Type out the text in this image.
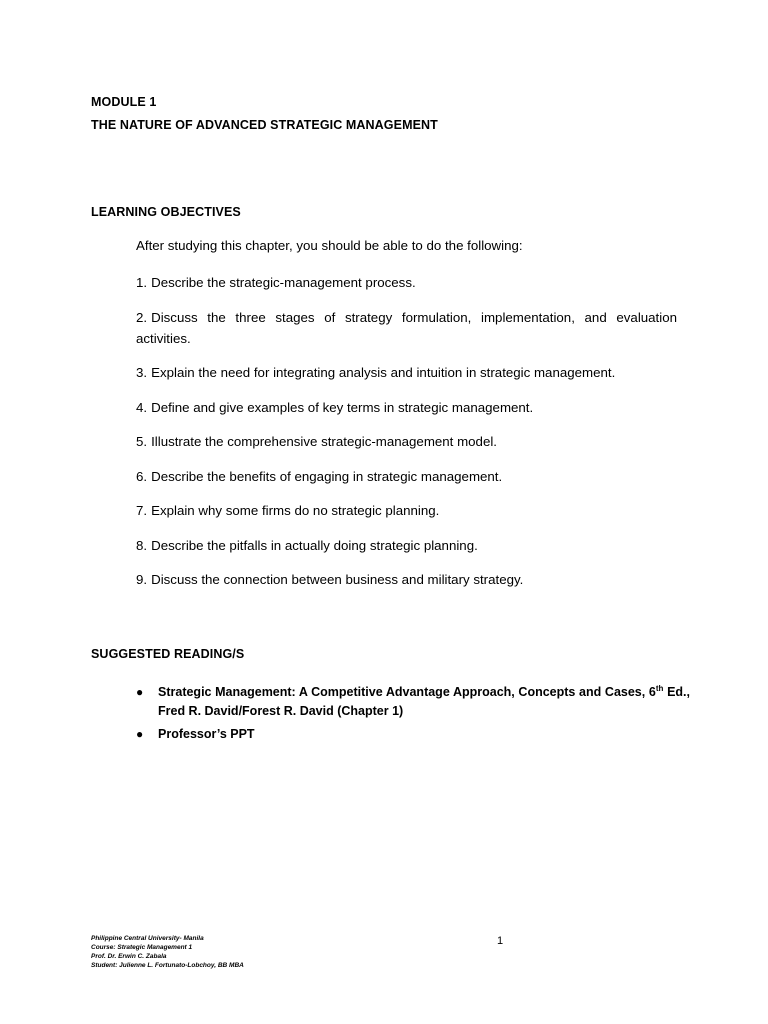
MODULE 1
THE NATURE OF ADVANCED STRATEGIC MANAGEMENT
LEARNING OBJECTIVES
After studying this chapter, you should be able to do the following:
1. Describe the strategic-management process.
2. Discuss the three stages of strategy formulation, implementation, and evaluation activities.
3. Explain the need for integrating analysis and intuition in strategic management.
4. Define and give examples of key terms in strategic management.
5. Illustrate the comprehensive strategic-management model.
6. Describe the benefits of engaging in strategic management.
7. Explain why some firms do no strategic planning.
8. Describe the pitfalls in actually doing strategic planning.
9. Discuss the connection between business and military strategy.
SUGGESTED READING/S
● Strategic Management: A Competitive Advantage Approach, Concepts and Cases, 6th Ed., Fred R. David/Forest R. David (Chapter 1)
● Professor’s PPT
Philippine Central University- Manila
Course: Strategic Management 1
Prof. Dr. Erwin C. Zabala
Student: Julienne L. Fortunato-Lobchoy, BB MBA
1
